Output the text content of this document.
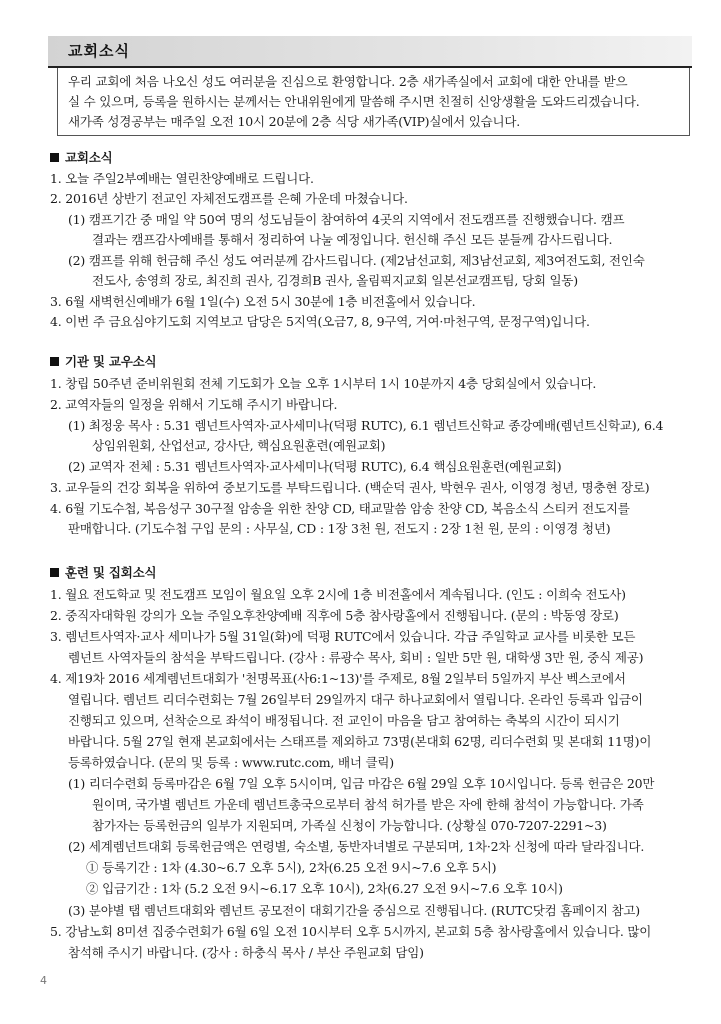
교회소식
우리 교회에 처음 나오신 성도 여러분을 진심으로 환영합니다. 2층 새가족실에서 교회에 대한 안내를 받으
실 수 있으며, 등록을 원하시는 분께서는 안내위원에게 말씀해 주시면 친절히 신앙생활을 도와드리겠습니다.
새가족 성경공부는 매주일 오전 10시 20분에 2층 식당 새가족(VIP)실에서 있습니다.
교회소식
1. 오늘 주일2부예배는 열린찬양예배로 드립니다.
2. 2016년 상반기 전교인 자체전도캠프를 은혜 가운데 마쳤습니다.
(1) 캠프기간 중 매일 약 50여 명의 성도님들이 참여하여 4곳의 지역에서 전도캠프를 진행했습니다. 캠프
결과는 캠프감사예배를 통해서 정리하여 나눌 예정입니다. 헌신해 주신 모든 분들께 감사드립니다.
(2) 캠프를 위해 헌금해 주신 성도 여러분께 감사드립니다. (제2남선교회, 제3남선교회, 제3여전도회, 전인숙
전도사, 송영희 장로, 최진희 권사, 김경희B 권사, 올림픽지교회 일본선교캠프팀, 당회 일동)
3. 6월 새벽헌신예배가 6월 1일(수) 오전 5시 30분에 1층 비전홀에서 있습니다.
4. 이번 주 금요심야기도회 지역보고 담당은 5지역(오금7, 8, 9구역, 거여·마천구역, 문정구역)입니다.
기관 및 교우소식
1. 창립 50주년 준비위원회 전체 기도회가 오늘 오후 1시부터 1시 10분까지 4층 당회실에서 있습니다.
2. 교역자들의 일정을 위해서 기도해 주시기 바랍니다.
(1) 최정웅 목사 : 5.31 렘넌트사역자·교사세미나(덕평 RUTC), 6.1 렘넌트신학교 종강예배(렘넌트신학교), 6.4
상임위원회, 산업선교, 강사단, 핵심요원훈련(예원교회)
(2) 교역자 전체 : 5.31 렘넌트사역자·교사세미나(덕평 RUTC), 6.4 핵심요원훈련(예원교회)
3. 교우들의 건강 회복을 위하여 중보기도를 부탁드립니다. (백순덕 권사, 박현우 권사, 이영경 청년, 명충현 장로)
4. 6월 기도수첩, 복음성구 30구절 암송을 위한 찬양 CD, 태교말씀 암송 찬양 CD, 복음소식 스티커 전도지를
판매합니다. (기도수첩 구입 문의 : 사무실, CD : 1장 3천 원, 전도지 : 2장 1천 원, 문의 : 이영경 청년)
훈련 및 집회소식
1. 월요 전도학교 및 전도캠프 모임이 월요일 오후 2시에 1층 비전홀에서 계속됩니다. (인도 : 이희숙 전도사)
2. 중직자대학원 강의가 오늘 주일오후찬양예배 직후에 5층 참사랑홀에서 진행됩니다. (문의 : 박동영 장로)
3. 렘넌트사역자·교사 세미나가 5월 31일(화)에 덕평 RUTC에서 있습니다. 각급 주일학교 교사를 비롯한 모든
렘넌트 사역자들의 참석을 부탁드립니다. (강사 : 류광수 목사, 회비 : 일반 5만 원, 대학생 3만 원, 중식 제공)
4. 제19차 2016 세계렘넌트대회가 '천명목표(사6:1~13)'를 주제로, 8월 2일부터 5일까지 부산 벡스코에서
열립니다. 렘넌트 리더수련회는 7월 26일부터 29일까지 대구 하나교회에서 열립니다. 온라인 등록과 입금이
진행되고 있으며, 선착순으로 좌석이 배정됩니다. 전 교인이 마음을 담고 참여하는 축복의 시간이 되시기
바랍니다. 5월 27일 현재 본교회에서는 스태프를 제외하고 73명(본대회 62명, 리더수련회 및 본대회 11명)이
등록하였습니다. (문의 및 등록 : www.rutc.com, 배너 클릭)
(1) 리더수련회 등록마감은 6월 7일 오후 5시이며, 입금 마감은 6월 29일 오후 10시입니다. 등록 헌금은 20만
원이며, 국가별 렘넌트 가운데 렘넌트총국으로부터 참석 허가를 받은 자에 한해 참석이 가능합니다. 가족
참가자는 등록헌금의 일부가 지원되며, 가족실 신청이 가능합니다. (상황실 070-7207-2291~3)
(2) 세계렘넌트대회 등록헌금액은 연령별, 숙소별, 동반자녀별로 구분되며, 1차·2차 신청에 따라 달라집니다.
① 등록기간 : 1차 (4.30~6.7 오후 5시), 2차(6.25 오전 9시~7.6 오후 5시)
② 입금기간 : 1차 (5.2 오전 9시~6.17 오후 10시), 2차(6.27 오전 9시~7.6 오후 10시)
(3) 분야별 탭 렘넌트대회와 렘넌트 공모전이 대회기간을 중심으로 진행됩니다. (RUTC닷컴 홈페이지 참고)
5. 강남노회 8미션 집중수련회가 6월 6일 오전 10시부터 오후 5시까지, 본교회 5층 참사랑홀에서 있습니다. 많이
참석해 주시기 바랍니다. (강사 : 하충식 목사 / 부산 주원교회 담임)
4
